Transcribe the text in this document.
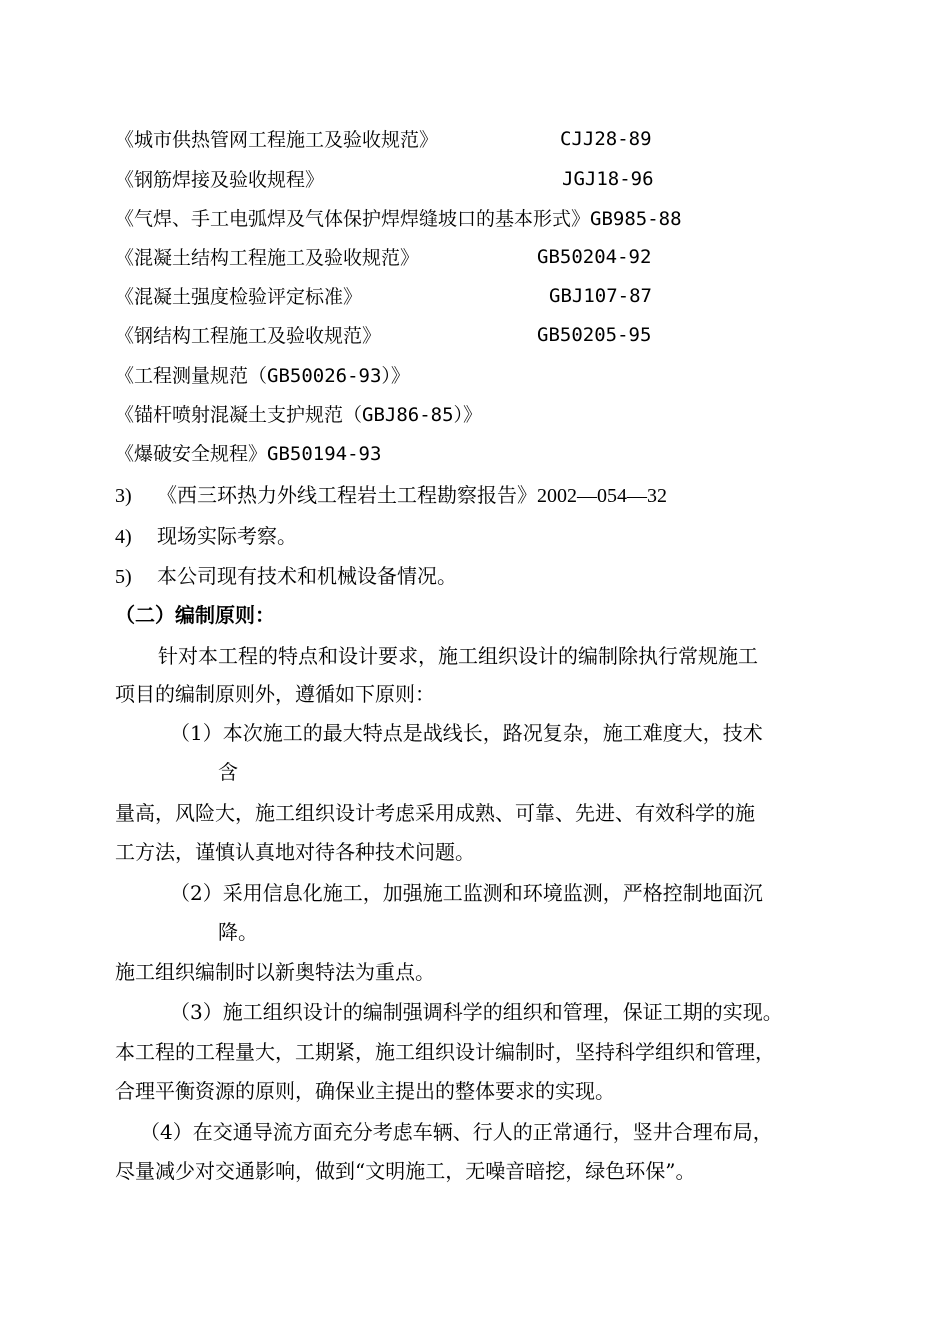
《城市供热管网工程施工及验收规范》	CJJ28-89
《钢筋焊接及验收规程》	JGJ18-96
《气焊、手工电弧焊及气体保护焊焊缝坡口的基本形式》GB985-88
《混凝土结构工程施工及验收规范》	GB50204-92
《混凝土强度检验评定标准》	GBJ107-87
《钢结构工程施工及验收规范》	GB50205-95
《工程测量规范（GB50026-93）》
《锚杆喷射混凝土支护规范（GBJ86-85）》
《爆破安全规程》GB50194-93
3) 《西三环热力外线工程岩土工程勘察报告》2002—054—32
4) 现场实际考察。
5) 本公司现有技术和机械设备情况。
（二）编制原则：
针对本工程的特点和设计要求，施工组织设计的编制除执行常规施工
项目的编制原则外，遵循如下原则：
（1）本次施工的最大特点是战线长，路况复杂，施工难度大，技术
含
量高，风险大，施工组织设计考虑采用成熟、可靠、先进、有效科学的施
工方法，谨慎认真地对待各种技术问题。
（2）采用信息化施工，加强施工监测和环境监测，严格控制地面沉
降。
施工组织编制时以新奥特法为重点。
（3）施工组织设计的编制强调科学的组织和管理，保证工期的实现。
本工程的工程量大，工期紧，施工组织设计编制时，坚持科学组织和管理，
合理平衡资源的原则，确保业主提出的整体要求的实现。
（4）在交通导流方面充分考虑车辆、行人的正常通行，竖井合理布局，
尽量减少对交通影响，做到“文明施工，无噪音暗挖，绿色环保”。
